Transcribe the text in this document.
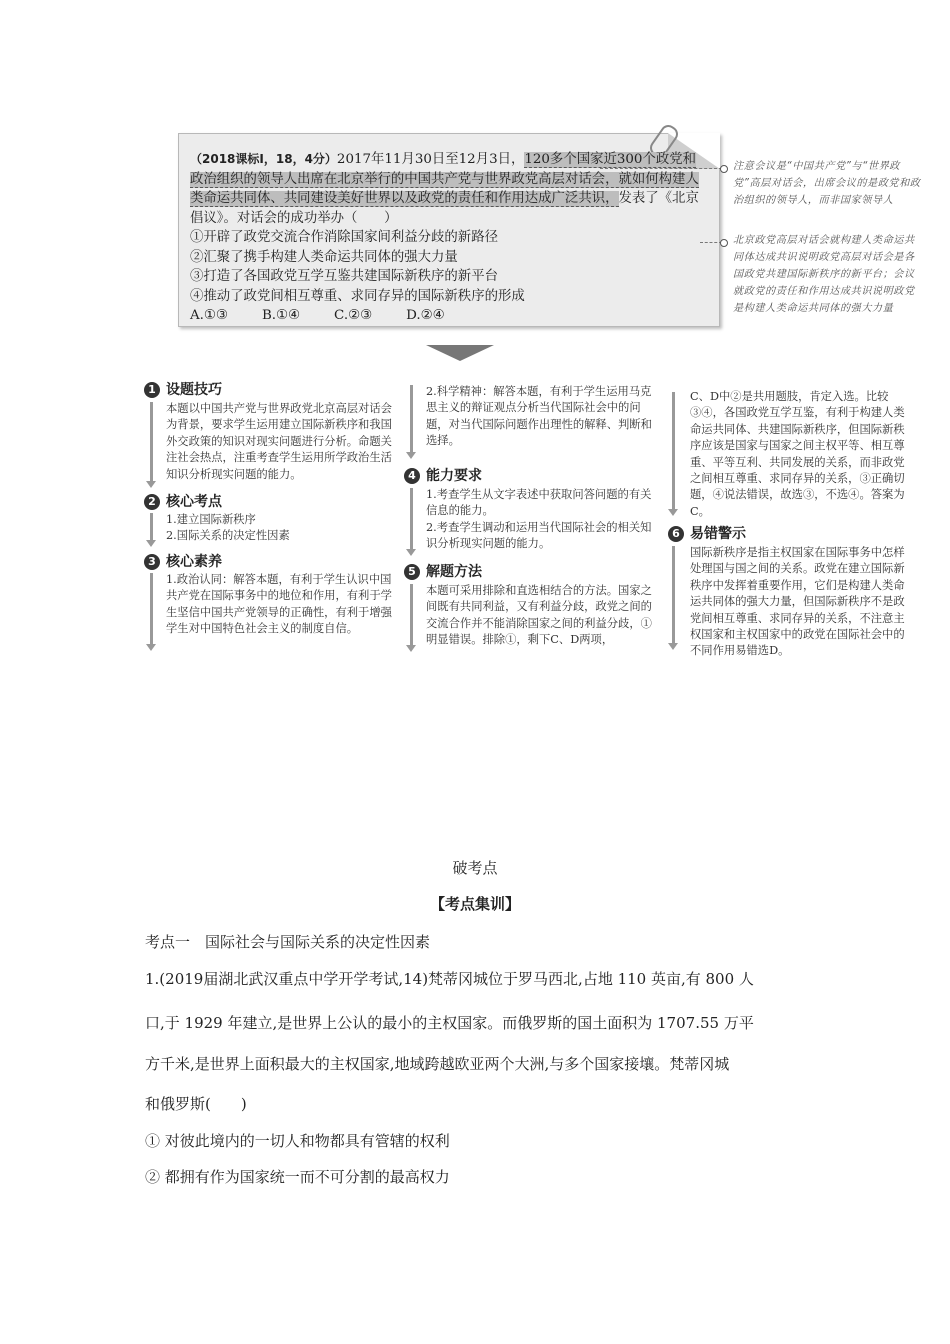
（2018课标Ⅰ，18，4分）2017年11月30日至12月3日，120多个国家近300个政党和政治组织的领导人出席在北京举行的中国共产党与世界政党高层对话会，就如何构建人类命运共同体、共同建设美好世界以及政党的责任和作用达成广泛共识，发表了《北京倡议》。对话会的成功举办（　　）
①开辟了政党交流合作消除国家间利益分歧的新路径
②汇聚了携手构建人类命运共同体的强大力量
③打造了各国政党互学互鉴共建国际新秩序的新平台
④推动了政党间相互尊重、求同存异的国际新秩序的形成
A.①③	B.①④	C.②③	D.②④
注意会议是“中国共产党”与“世界政党”高层对话会，出席会议的是政党和政治组织的领导人，而非国家领导人
北京政党高层对话会就构建人类命运共同体达成共识说明政党高层对话会是各国政党共建国际新秩序的新平台；会议就政党的责任和作用达成共识说明政党是构建人类命运共同体的强大力量
1 设题技巧
本题以中国共产党与世界政党北京高层对话会为背景，要求学生运用建立国际新秩序和我国外交政策的知识对现实问题进行分析。命题关注社会热点，注重考查学生运用所学政治生活知识分析现实问题的能力。
2 核心考点
1.建立国际新秩序
2.国际关系的决定性因素
3 核心素养
1.政治认同：解答本题，有利于学生认识中国共产党在国际事务中的地位和作用，有利于学生坚信中国共产党领导的正确性，有利于增强学生对中国特色社会主义的制度自信。
2.科学精神：解答本题，有利于学生运用马克思主义的辩证观点分析当代国际社会中的问题，对当代国际问题作出理性的解释、判断和选择。
4 能力要求
1.考查学生从文字表述中获取问答问题的有关信息的能力。
2.考查学生调动和运用当代国际社会的相关知识分析现实问题的能力。
5 解题方法
本题可采用排除和直选相结合的方法。国家之间既有共同利益，又有利益分歧，政党之间的交流合作并不能消除国家之间的利益分歧，①明显错误。排除①，剩下C、D两项，
C、D中②是共用题肢，肯定入选。比较③④，各国政党互学互鉴，有利于构建人类命运共同体、共建国际新秩序，但国际新秩序应该是国家与国家之间主权平等、相互尊重、平等互利、共同发展的关系，而非政党之间相互尊重、求同存异的关系，③正确切题，④说法错误，故选③，不选④。答案为C。
6 易错警示
国际新秩序是指主权国家在国际事务中怎样处理国与国之间的关系。政党在建立国际新秩序中发挥着重要作用，它们是构建人类命运共同体的强大力量，但国际新秩序不是政党间相互尊重、求同存异的关系，不注意主权国家和主权国家中的政党在国际社会中的不同作用易错选D。
破考点
【考点集训】
考点一　国际社会与国际关系的决定性因素
1.(2019届湖北武汉重点中学开学考试,14)梵蒂冈城位于罗马西北,占地 110 英亩,有 800 人
口,于 1929 年建立,是世界上公认的最小的主权国家。而俄罗斯的国土面积为 1707.55 万平
方千米,是世界上面积最大的主权国家,地域跨越欧亚两个大洲,与多个国家接壤。梵蒂冈城
和俄罗斯(　　)
① 对彼此境内的一切人和物都具有管辖的权利
② 都拥有作为国家统一而不可分割的最高权力
